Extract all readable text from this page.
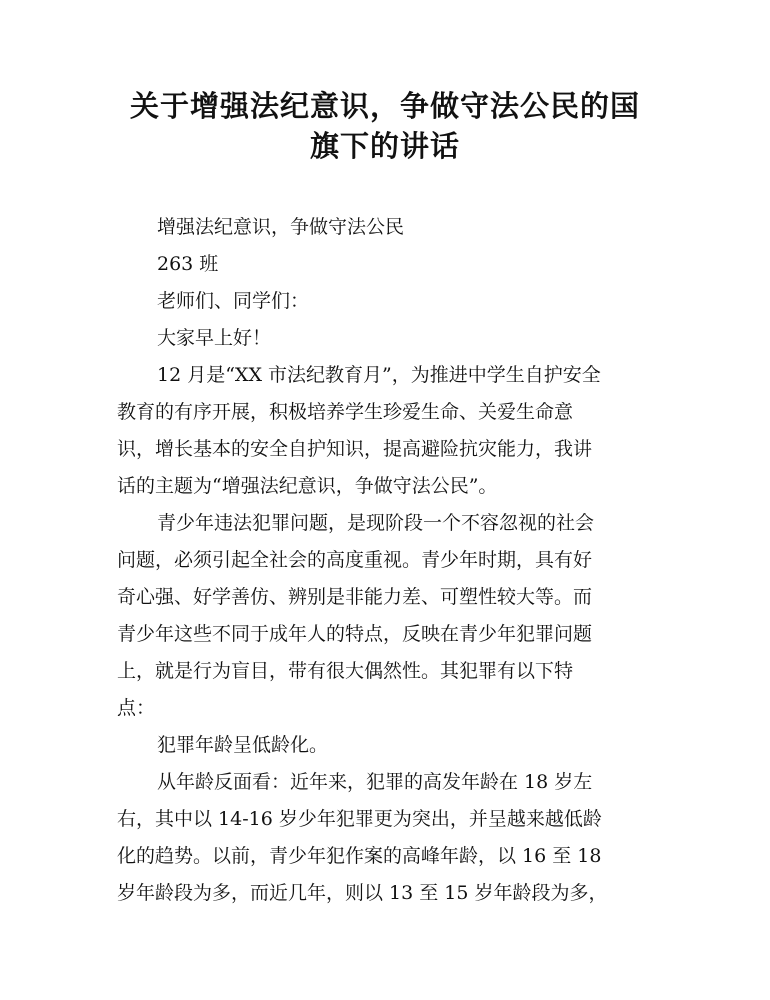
关于增强法纪意识，争做守法公民的国
旗下的讲话
增强法纪意识，争做守法公民
263 班
老师们、同学们：
大家早上好！
12 月是“XX 市法纪教育月”，为推进中学生自护安全
教育的有序开展，积极培养学生珍爱生命、关爱生命意
识，增长基本的安全自护知识，提高避险抗灾能力，我讲
话的主题为“增强法纪意识，争做守法公民”。
青少年违法犯罪问题，是现阶段一个不容忽视的社会
问题，必须引起全社会的高度重视。青少年时期，具有好
奇心强、好学善仿、辨别是非能力差、可塑性较大等。而
青少年这些不同于成年人的特点，反映在青少年犯罪问题
上，就是行为盲目，带有很大偶然性。其犯罪有以下特
点：
犯罪年龄呈低龄化。
从年龄反面看：近年来，犯罪的高发年龄在 18 岁左
右，其中以 14-16 岁少年犯罪更为突出，并呈越来越低龄
化的趋势。以前，青少年犯作案的高峰年龄，以 16 至 18
岁年龄段为多，而近几年，则以 13 至 15 岁年龄段为多，
